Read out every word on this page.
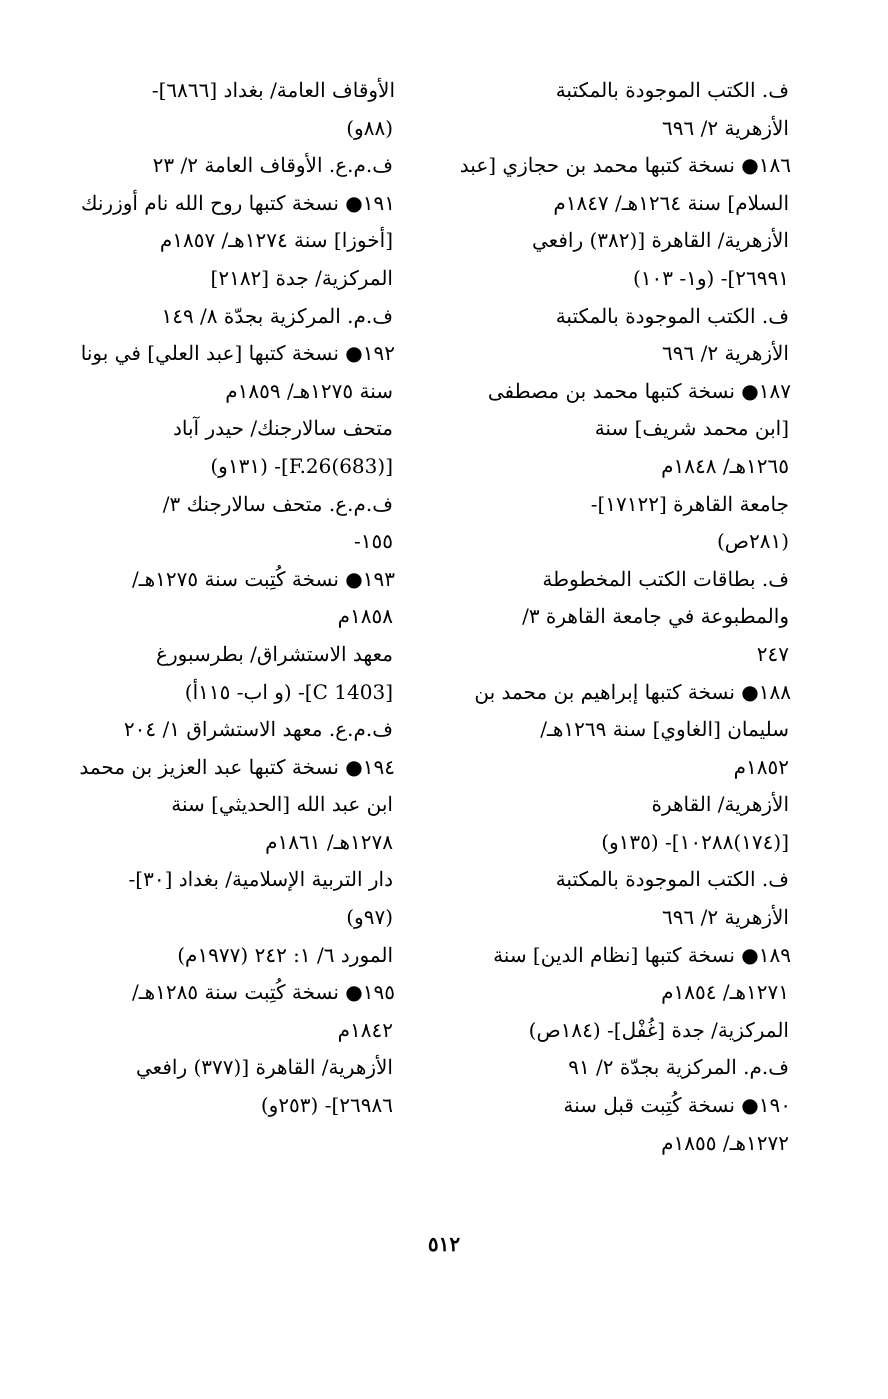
ف. الكتب الموجودة بالمكتبة
الأزهرية ٢/ ٦٩٦
١٨٦● نسخة كتبها محمد بن حجازي [عبد
السلام] سنة ١٢٦٤هـ/ ١٨٤٧م
الأزهرية/ القاهرة [(٣٨٢) رافعي
٢٦٩٩١]- (و١- ١٠٣)
ف. الكتب الموجودة بالمكتبة
الأزهرية ٢/ ٦٩٦
١٨٧● نسخة كتبها محمد بن مصطفى
[ابن محمد شريف] سنة
١٢٦٥هـ/ ١٨٤٨م
جامعة القاهرة [١٧١٢٢]-
(٢٨١ص)
ف. بطاقات الكتب المخطوطة
والمطبوعة في جامعة القاهرة ٣/
٢٤٧
١٨٨● نسخة كتبها إبراهيم بن محمد بن
سليمان [الغاوي] سنة ١٢٦٩هـ/
١٨٥٢م
الأزهرية/ القاهرة
[(١٧٤)١٠٢٨٨]- (١٣٥و)
ف. الكتب الموجودة بالمكتبة
الأزهرية ٢/ ٦٩٦
١٨٩● نسخة كتبها [نظام الدين] سنة
١٢٧١هـ/ ١٨٥٤م
المركزية/ جدة [غُفْل]- (١٨٤ص)
ف.م. المركزية بجدّة ٢/ ٩١
١٩٠● نسخة كُتِبت قبل سنة
١٢٧٢هـ/ ١٨٥٥م
الأوقاف العامة/ بغداد [٦٨٦٦]-
(٨٨و)
ف.م.ع. الأوقاف العامة ٢/ ٢٣
١٩١● نسخة كتبها روح الله نام أوزرنك
[أخوزا] سنة ١٢٧٤هـ/ ١٨٥٧م
المركزية/ جدة [٢١٨٢]
ف.م. المركزية بجدّة ٨/ ١٤٩
١٩٢● نسخة كتبها [عبد العلي] في بونا
سنة ١٢٧٥هـ/ ١٨٥٩م
متحف سالارجنك/ حيدر آباد
[(683)F.26]- (١٣١و)
ف.م.ع. متحف سالارجنك ٣/
١٥٥-
١٩٣● نسخة كُتِبت سنة ١٢٧٥هـ/
١٨٥٨م
معهد الاستشراق/ بطرسبورغ
[C 1403]- (و اب- ١١٥أ)
ف.م.ع. معهد الاستشراق ١/ ٢٠٤
١٩٤● نسخة كتبها عبد العزيز بن محمد
ابن عبد الله [الحديثي] سنة
١٢٧٨هـ/ ١٨٦١م
دار التربية الإسلامية/ بغداد [٣٠]-
(٩٧و)
المورد ٦/ ١: ٢٤٢ (١٩٧٧م)
١٩٥● نسخة كُتِبت سنة ١٢٨٥هـ/
١٨٤٢م
الأزهرية/ القاهرة [(٣٧٧) رافعي
٢٦٩٨٦]- (٢٥٣و)
٥١٢
